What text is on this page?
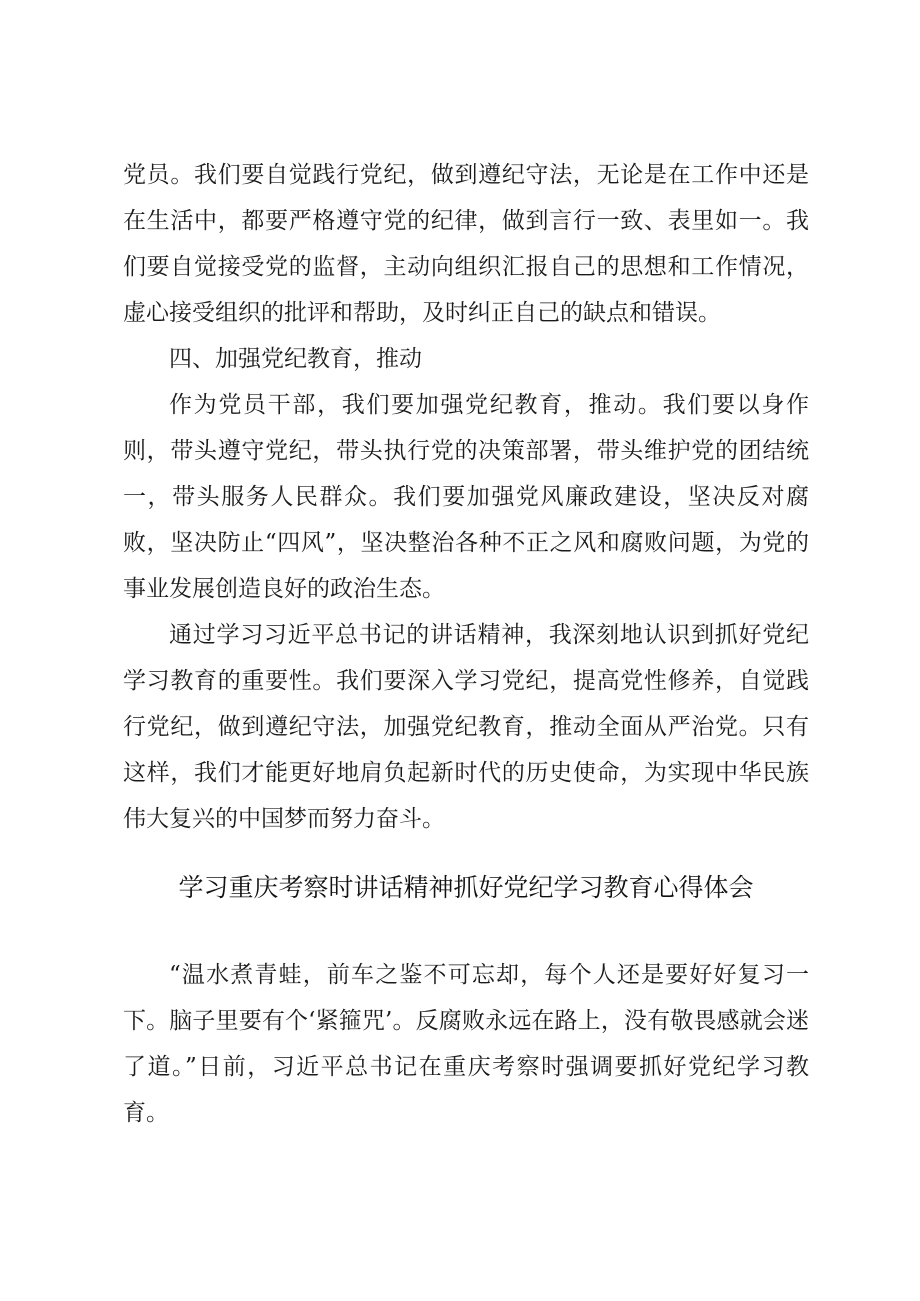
党员。我们要自觉践行党纪，做到遵纪守法，无论是在工作中还是在生活中，都要严格遵守党的纪律，做到言行一致、表里如一。我们要自觉接受党的监督，主动向组织汇报自己的思想和工作情况，虚心接受组织的批评和帮助，及时纠正自己的缺点和错误。

四、加强党纪教育，推动

作为党员干部，我们要加强党纪教育，推动。我们要以身作则，带头遵守党纪，带头执行党的决策部署，带头维护党的团结统一，带头服务人民群众。我们要加强党风廉政建设，坚决反对腐败，坚决防止“四风”，坚决整治各种不正之风和腐败问题，为党的事业发展创造良好的政治生态。

通过学习习近平总书记的讲话精神，我深刻地认识到抓好党纪学习教育的重要性。我们要深入学习党纪，提高党性修养，自觉践行党纪，做到遵纪守法，加强党纪教育，推动全面从严治党。只有这样，我们才能更好地肩负起新时代的历史使命，为实现中华民族伟大复兴的中国梦而努力奋斗。

学习重庆考察时讲话精神抓好党纪学习教育心得体会

“温水煮青蛙，前车之鉴不可忘却，每个人还是要好好复习一下。脑子里要有个‘紧箍咒’。反腐败永远在路上，没有敬畏感就会迷了道。”日前，习近平总书记在重庆考察时强调要抓好党纪学习教育。
